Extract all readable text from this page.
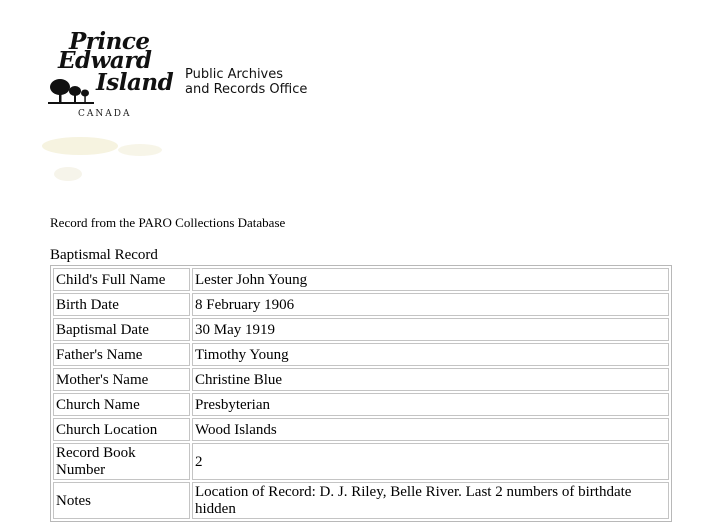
Prince
Edward
Island
CANADA
Public Archives
and Records Office
Record from the PARO Collections Database
Baptismal Record
Child's Full Name	Lester John Young
Birth Date	8 February 1906
Baptismal Date	30 May 1919
Father's Name	Timothy Young
Mother's Name	Christine Blue
Church Name	Presbyterian
Church Location	Wood Islands
Record Book Number	2
Notes	Location of Record: D. J. Riley, Belle River. Last 2 numbers of birthdate hidden
